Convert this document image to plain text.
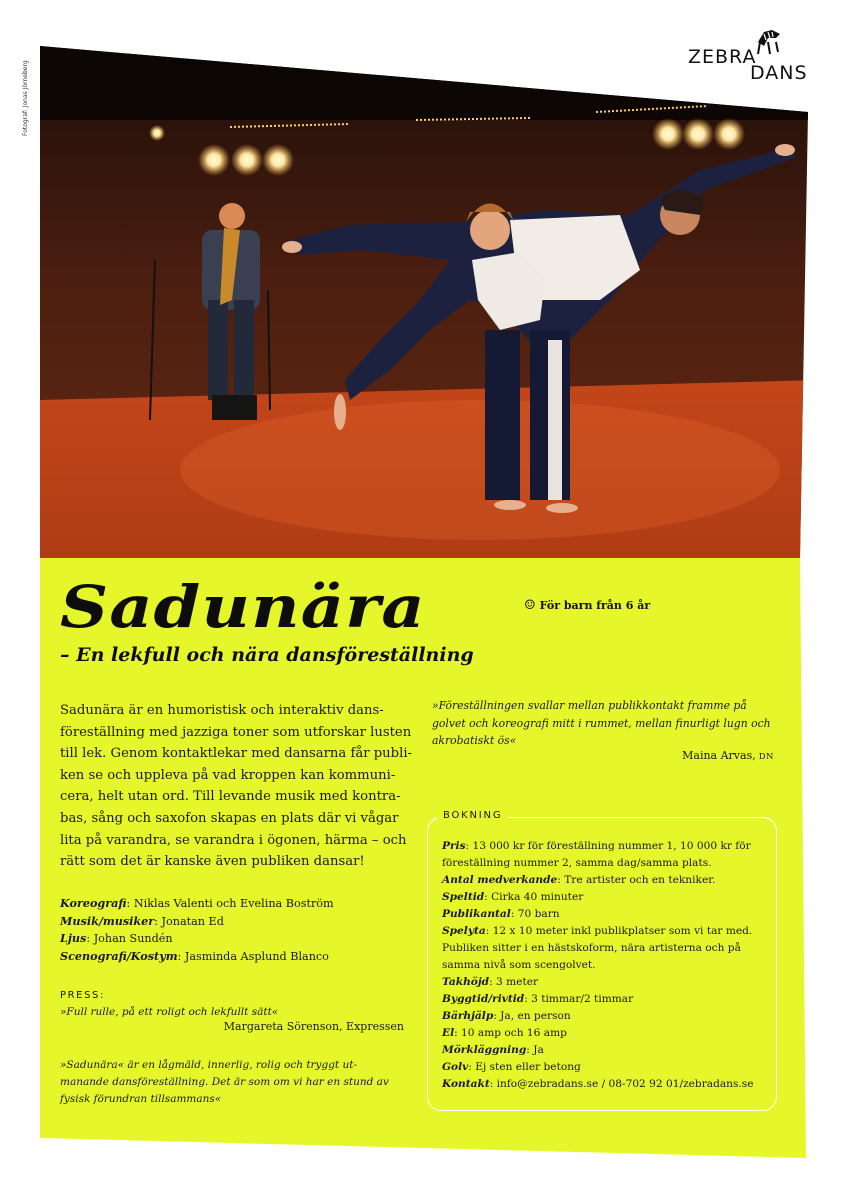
Fotograf: Jonas Jörneberg
ZEBRA
DANS
Sadunära
– En lekfull och nära dansföreställning
☺ För barn från 6 år
Sadunära är en humoristisk och interaktiv dansföreställning med jazziga toner som utforskar lusten till lek. Genom kontaktlekar med dansarna får publiken se och uppleva på vad kroppen kan kommunicera, helt utan ord. Till levande musik med kontrabas, sång och saxofon skapas en plats där vi vågar lita på varandra, se varandra i ögonen, härma – och rätt som det är kanske även publiken dansar!
Koreografi: Niklas Valenti och Evelina Boström
Musik/musiker: Jonatan Ed
Ljus: Johan Sundén
Scenografi/Kostym: Jasminda Asplund Blanco
PRESS:
»Full rulle, på ett roligt och lekfullt sätt«
Margareta Sörenson, Expressen
»Sadunära« är en lågmäld, innerlig, rolig och tryggt utmanande dansföreställning. Det är som om vi har en stund av fysisk förundran tillsammans«
»Föreställningen svallar mellan publikkontakt framme på golvet och koreografi mitt i rummet, mellan finurligt lugn och akrobatiskt ös«
Maina Arvas, DN
BOKNING

Pris: 13 000 kr för föreställning nummer 1, 10 000 kr för föreställning nummer 2, samma dag/samma plats.

Antal medverkande: Tre artister och en tekniker.

Speltid: Cirka 40 minuter

Publikantal: 70 barn

Spelyta: 12 x 10 meter inkl publikplatser som vi tar med. Publiken sitter i en hästskoform, nära artisterna och på samma nivå som scengolvet.

Takhöjd: 3 meter

Byggtid/rivtid: 3 timmar/2 timmar

Bärhjälp: Ja, en person

El: 10 amp och 16 amp

Mörkläggning: Ja

Golv: Ej sten eller betong

Kontakt: info@zebradans.se / 08-702 92 01/zebradans.se
